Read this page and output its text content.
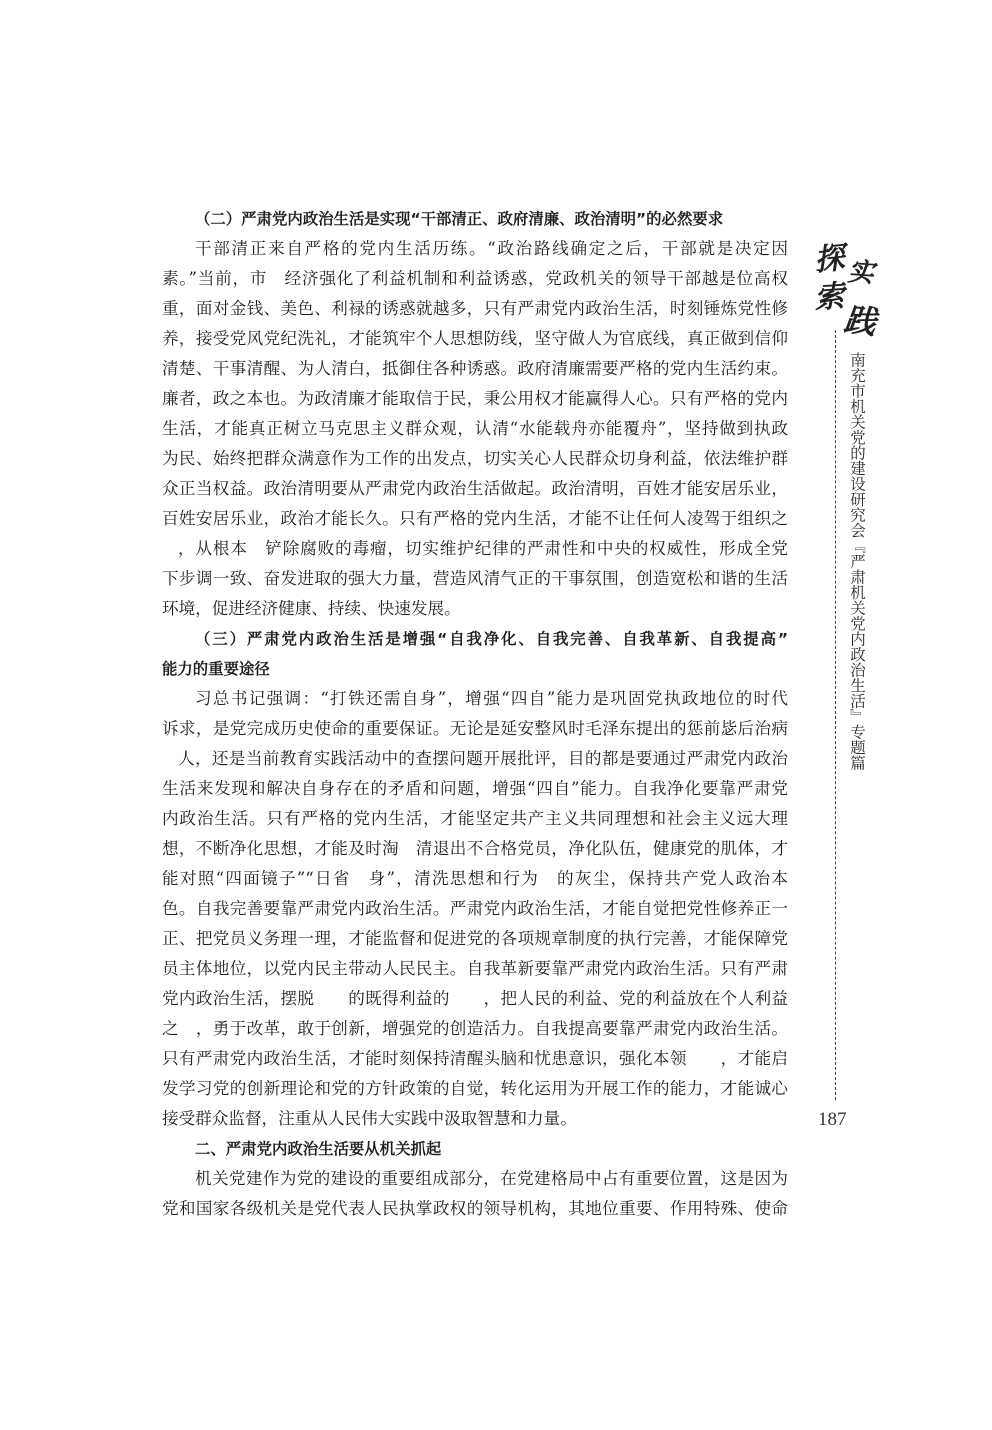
（二）严肃党内政治生活是实现“干部清正、政府清廉、政治清明”的必然要求
干部清正来自严格的党内生活历练。“政治路线确定之后，干部就是决定因
素。”当前，市　经济强化了利益机制和利益诱惑，党政机关的领导干部越是位高权
重，面对金钱、美色、利禄的诱惑就越多，只有严肃党内政治生活，时刻锤炼党性修
养，接受党风党纪洗礼，才能筑牢个人思想防线，坚守做人为官底线，真正做到信仰
清楚、干事清醒、为人清白，抵御住各种诱惑。政府清廉需要严格的党内生活约束。
廉者，政之本也。为政清廉才能取信于民，秉公用权才能赢得人心。只有严格的党内
生活，才能真正树立马克思主义群众观，认清“水能载舟亦能覆舟”，坚持做到执政
为民、始终把群众满意作为工作的出发点，切实关心人民群众切身利益，依法维护群
众正当权益。政治清明要从严肃党内政治生活做起。政治清明，百姓才能安居乐业，
百姓安居乐业，政治才能长久。只有严格的党内生活，才能不让任何人凌驾于组织之
，从根本　铲除腐败的毒瘤，切实维护纪律的严肃性和中央的权威性，形成全党
下步调一致、奋发进取的强大力量，营造风清气正的干事氛围，创造宽松和谐的生活
环境，促进经济健康、持续、快速发展。
（三）严肃党内政治生活是增强“自我净化、自我完善、自我革新、自我提高”
能力的重要途径
习总书记强调：“打铁还需自身”，增强“四自”能力是巩固党执政地位的时代
诉求，是党完成历史使命的重要保证。无论是延安整风时毛泽东提出的惩前毖后治病
人，还是当前教育实践活动中的查摆问题开展批评，目的都是要通过严肃党内政治
生活来发现和解决自身存在的矛盾和问题，增强“四自”能力。自我净化要靠严肃党
内政治生活。只有严格的党内生活，才能坚定共产主义共同理想和社会主义远大理
想，不断净化思想，才能及时淘　清退出不合格党员，净化队伍，健康党的肌体，才
能对照“四面镜子”“日省　身”，清洗思想和行为　的灰尘，保持共产党人政治本
色。自我完善要靠严肃党内政治生活。严肃党内政治生活，才能自觉把党性修养正一
正、把党员义务理一理，才能监督和促进党的各项规章制度的执行完善，才能保障党
员主体地位，以党内民主带动人民民主。自我革新要靠严肃党内政治生活。只有严肃
党内政治生活，摆脱　　的既得利益的　　，把人民的利益、党的利益放在个人利益
之　，勇于改革，敢于创新，增强党的创造活力。自我提高要靠严肃党内政治生活。
只有严肃党内政治生活，才能时刻保持清醒头脑和忧患意识，强化本领　　，才能启
发学习党的创新理论和党的方针政策的自觉，转化运用为开展工作的能力，才能诚心
接受群众监督，注重从人民伟大实践中汲取智慧和力量。
二、严肃党内政治生活要从机关抓起
机关党建作为党的建设的重要组成部分，在党建格局中占有重要位置，这是因为
党和国家各级机关是党代表人民执掌政权的领导机构，其地位重要、作用特殊、使命
探 实
索
践
南充市机关党的建设研究会『严肃机关党内政治生活』专题篇
187
